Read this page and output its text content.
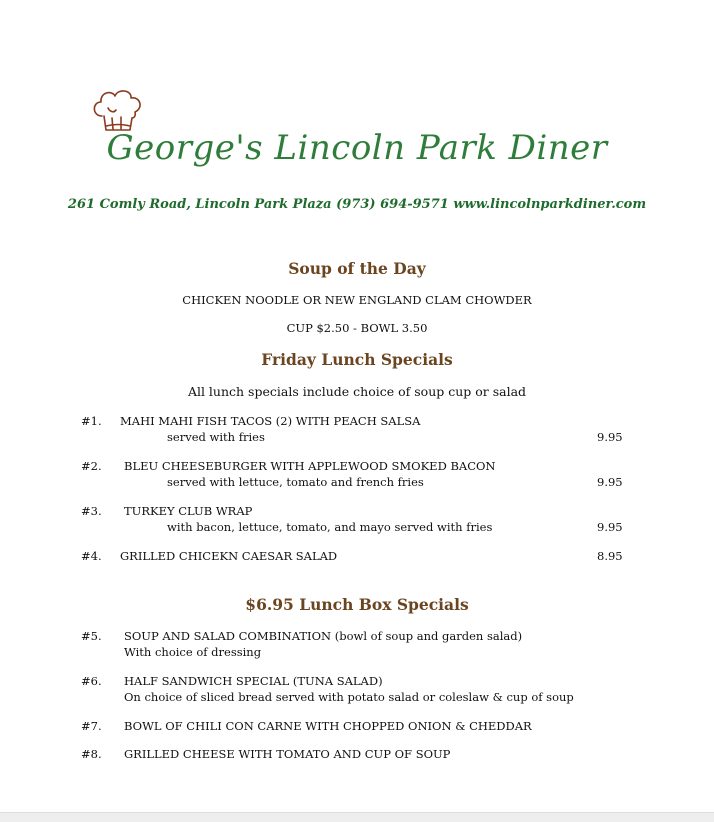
George's Lincoln Park Diner
261 Comly Road, Lincoln Park Plaza (973) 694-9571 www.lincolnparkdiner.com
Soup of the Day
CHICKEN NOODLE OR NEW ENGLAND CLAM CHOWDER
CUP $2.50 - BOWL 3.50
Friday Lunch Specials
All lunch specials include choice of soup cup or salad
#1. MAHI MAHI FISH TACOS (2) WITH PEACH SALSA
served with fries	9.95
#2. BLEU CHEESEBURGER WITH APPLEWOOD SMOKED BACON
served with lettuce, tomato and french fries	9.95
#3. TURKEY CLUB WRAP
with bacon, lettuce, tomato, and mayo served with fries	9.95
#4. GRILLED CHICEKN CAESAR SALAD	8.95
$6.95 Lunch Box Specials
#5. SOUP AND SALAD COMBINATION (bowl of soup and garden salad)
With choice of dressing
#6. HALF SANDWICH SPECIAL (TUNA SALAD)
On choice of sliced bread served with potato salad or coleslaw & cup of soup
#7. BOWL OF CHILI CON CARNE WITH CHOPPED ONION & CHEDDAR
#8. GRILLED CHEESE WITH TOMATO AND CUP OF SOUP
